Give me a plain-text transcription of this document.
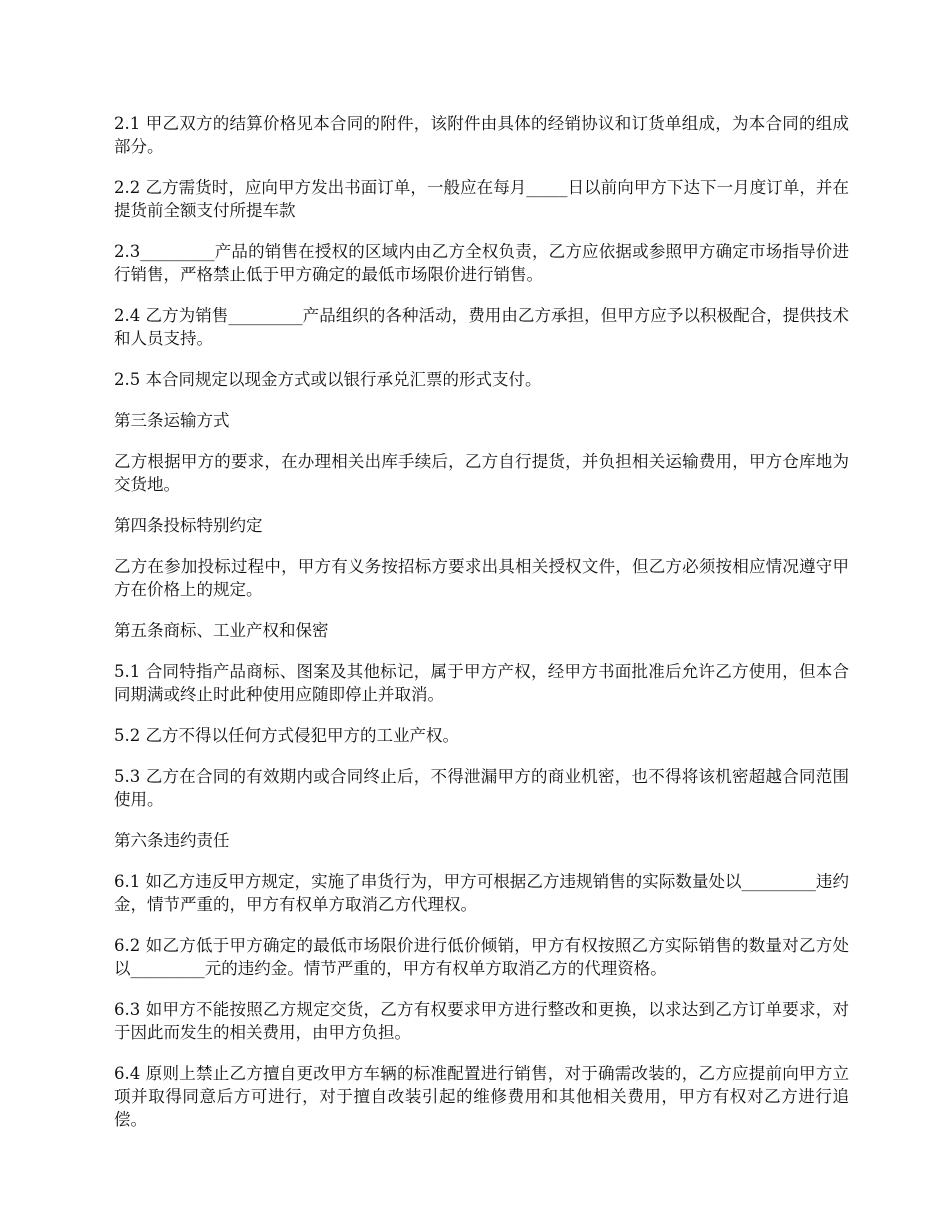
2.1 甲乙双方的结算价格见本合同的附件，该附件由具体的经销协议和订货单组成，为本合同的组成部分。

2.2 乙方需货时，应向甲方发出书面订单，一般应在每月_____日以前向甲方下达下一月度订单，并在提货前全额支付所提车款

2.3_________产品的销售在授权的区域内由乙方全权负责，乙方应依据或参照甲方确定市场指导价进行销售，严格禁止低于甲方确定的最低市场限价进行销售。

2.4 乙方为销售_________产品组织的各种活动，费用由乙方承担，但甲方应予以积极配合，提供技术和人员支持。

2.5 本合同规定以现金方式或以银行承兑汇票的形式支付。

第三条运输方式

乙方根据甲方的要求，在办理相关出库手续后，乙方自行提货，并负担相关运输费用，甲方仓库地为交货地。

第四条投标特别约定

乙方在参加投标过程中，甲方有义务按招标方要求出具相关授权文件，但乙方必须按相应情况遵守甲方在价格上的规定。

第五条商标、工业产权和保密

5.1 合同特指产品商标、图案及其他标记，属于甲方产权，经甲方书面批准后允许乙方使用，但本合同期满或终止时此种使用应随即停止并取消。

5.2 乙方不得以任何方式侵犯甲方的工业产权。

5.3 乙方在合同的有效期内或合同终止后，不得泄漏甲方的商业机密，也不得将该机密超越合同范围使用。

第六条违约责任

6.1 如乙方违反甲方规定，实施了串货行为，甲方可根据乙方违规销售的实际数量处以_________违约金，情节严重的，甲方有权单方取消乙方代理权。

6.2 如乙方低于甲方确定的最低市场限价进行低价倾销，甲方有权按照乙方实际销售的数量对乙方处以_________元的违约金。情节严重的，甲方有权单方取消乙方的代理资格。

6.3 如甲方不能按照乙方规定交货，乙方有权要求甲方进行整改和更换，以求达到乙方订单要求，对于因此而发生的相关费用，由甲方负担。

6.4 原则上禁止乙方擅自更改甲方车辆的标准配置进行销售，对于确需改装的，乙方应提前向甲方立项并取得同意后方可进行，对于擅自改装引起的维修费用和其他相关费用，甲方有权对乙方进行追偿。
